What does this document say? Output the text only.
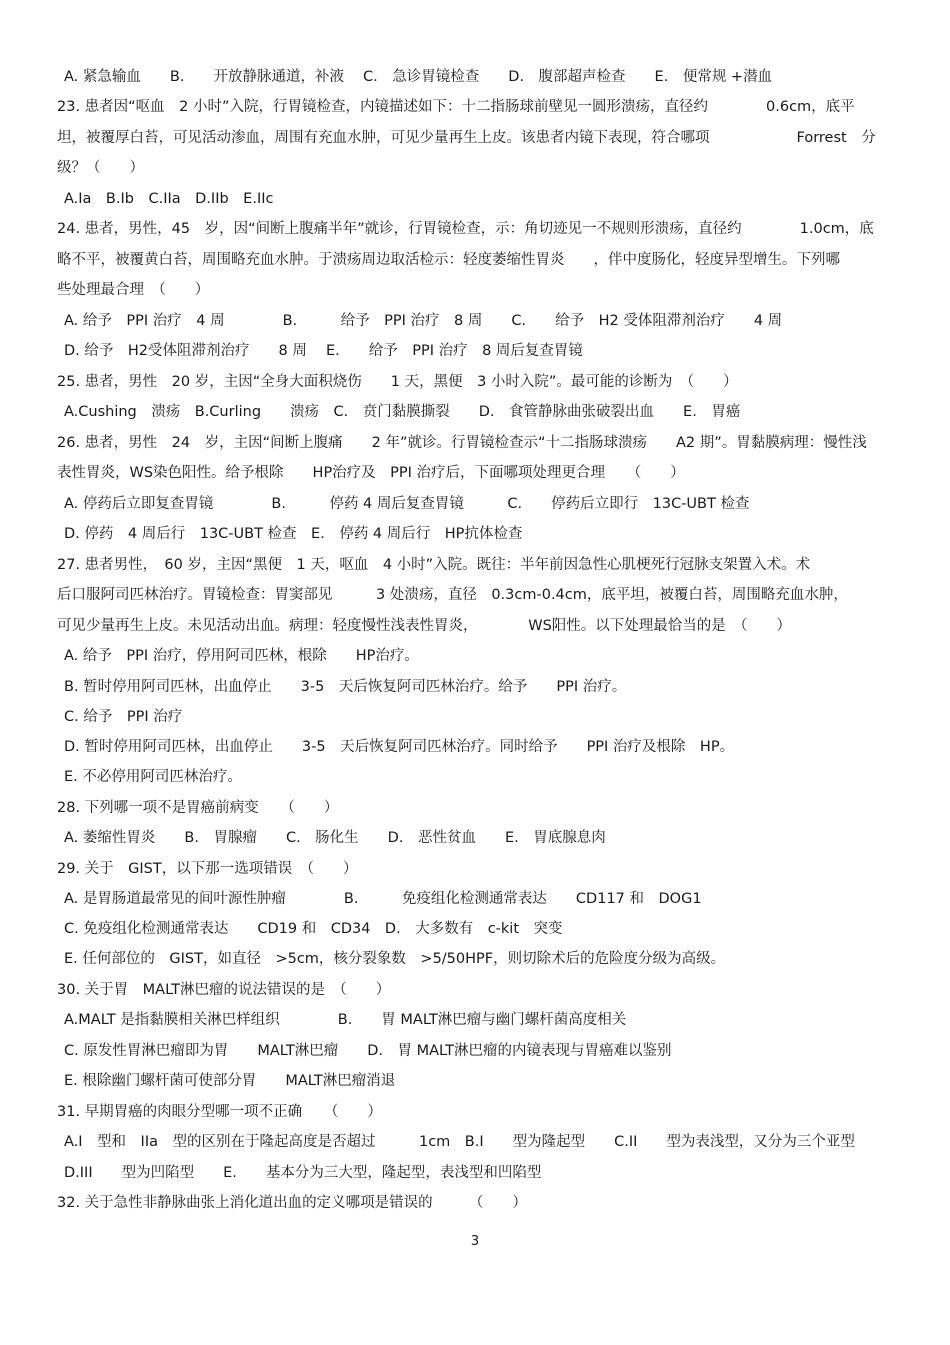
A. 紧急输血　　B.　　开放静脉通道，补液　 C.　急诊胃镜检查　　D.　腹部超声检查　　E.　便常规 +潜血
23. 患者因“呕血　2 小时”入院，行胃镜检查，内镜描述如下：十二指肠球前壁见一圆形溃疡，直径约　　　　0.6cm，底平
坦，被覆厚白苔，可见活动渗血，周围有充血水肿，可见少量再生上皮。该患者内镜下表现，符合哪项　　　　　　Forrest　分
级？（　　）
A.Ia　B.Ib　C.IIa　D.IIb　E.IIc
24. 患者，男性，45　岁，因“间断上腹痛半年”就诊，行胃镜检查，示：角切迹见一不规则形溃疡，直径约　　　　1.0cm，底
略不平，被覆黄白苔，周围略充血水肿。于溃疡周边取活检示：轻度萎缩性胃炎　　，伴中度肠化，轻度异型增生。下列哪
些处理最合理　（　　）
A. 给予　PPI 治疗　4 周　　　　B.　　　给予　PPI 治疗　8 周　　C.　　给予　H2 受体阻滞剂治疗　　4 周
D. 给予　H2受体阻滞剂治疗　　8 周　 E.　　给予　PPI 治疗　8 周后复查胃镜
25. 患者，男性　20 岁，主因“全身大面积烧伤　　1 天，黑便　3 小时入院”。最可能的诊断为　（　　）
A.Cushing　溃疡　B.Curling　　溃疡　C.　贲门黏膜撕裂　　D.　食管静脉曲张破裂出血　　E.　胃癌
26. 患者，男性　24　岁，主因“间断上腹痛　　2 年”就诊。行胃镜检查示“十二指肠球溃疡　　A2 期”。胃黏膜病理：慢性浅
表性胃炎，WS染色阳性。给予根除　　HP治疗及　PPI 治疗后，下面哪项处理更合理　　（　　）
A. 停药后立即复查胃镜　　　　B.　　　停药 4 周后复查胃镜　　　C.　　停药后立即行　13C-UBT 检查
D. 停药　4 周后行　13C-UBT 检查　E.　停药 4 周后行　HP抗体检查
27. 患者男性，　60 岁，主因“黑便　1 天，呕血　4 小时”入院。既往：半年前因急性心肌梗死行冠脉支架置入术。术
后口服阿司匹林治疗。胃镜检查：胃窦部见　　　3 处溃疡，直径　0.3cm-0.4cm，底平坦，被覆白苔，周围略充血水肿，
可见少量再生上皮。未见活动出血。病理：轻度慢性浅表性胃炎，　　　　WS阳性。以下处理最恰当的是　（　　）
A. 给予　PPI 治疗，停用阿司匹林，根除　　HP治疗。
B. 暂时停用阿司匹林，出血停止　　3-5　天后恢复阿司匹林治疗。给予　　PPI 治疗。
C. 给予　PPI 治疗
D. 暂时停用阿司匹林，出血停止　　3-5　天后恢复阿司匹林治疗。同时给予　　PPI 治疗及根除　HP。
E. 不必停用阿司匹林治疗。
28. 下列哪一项不是胃癌前病变　　（　　）
A. 萎缩性胃炎　　B.　胃腺瘤　　C.　肠化生　　D.　恶性贫血　　E.　胃底腺息肉
29. 关于　GIST，以下那一选项错误　（　　）
A. 是胃肠道最常见的间叶源性肿瘤　　　　B.　　　免疫组化检测通常表达　　CD117 和　DOG1
C. 免疫组化检测通常表达　　CD19 和　CD34　D.　大多数有　c-kit　突变
E. 任何部位的　GIST，如直径　>5cm，核分裂象数　>5/50HPF，则切除术后的危险度分级为高级。
30. 关于胃　MALT淋巴瘤的说法错误的是　（　　）
A.MALT 是指黏膜相关淋巴样组织　　　　B.　　胃 MALT淋巴瘤与幽门螺杆菌高度相关
C. 原发性胃淋巴瘤即为胃　　MALT淋巴瘤　　D.　胃 MALT淋巴瘤的内镜表现与胃癌难以鉴别
E. 根除幽门螺杆菌可使部分胃　　MALT淋巴瘤消退
31. 早期胃癌的肉眼分型哪一项不正确　　（　　）
A.I　型和　IIa　型的区别在于隆起高度是否超过　　　1cm　B.I　　型为隆起型　　C.II　　型为表浅型，又分为三个亚型
D.III　　型为凹陷型　　E.　　基本分为三大型，隆起型，表浅型和凹陷型
32. 关于急性非静脉曲张上消化道出血的定义哪项是错误的　　　（　　）
3
